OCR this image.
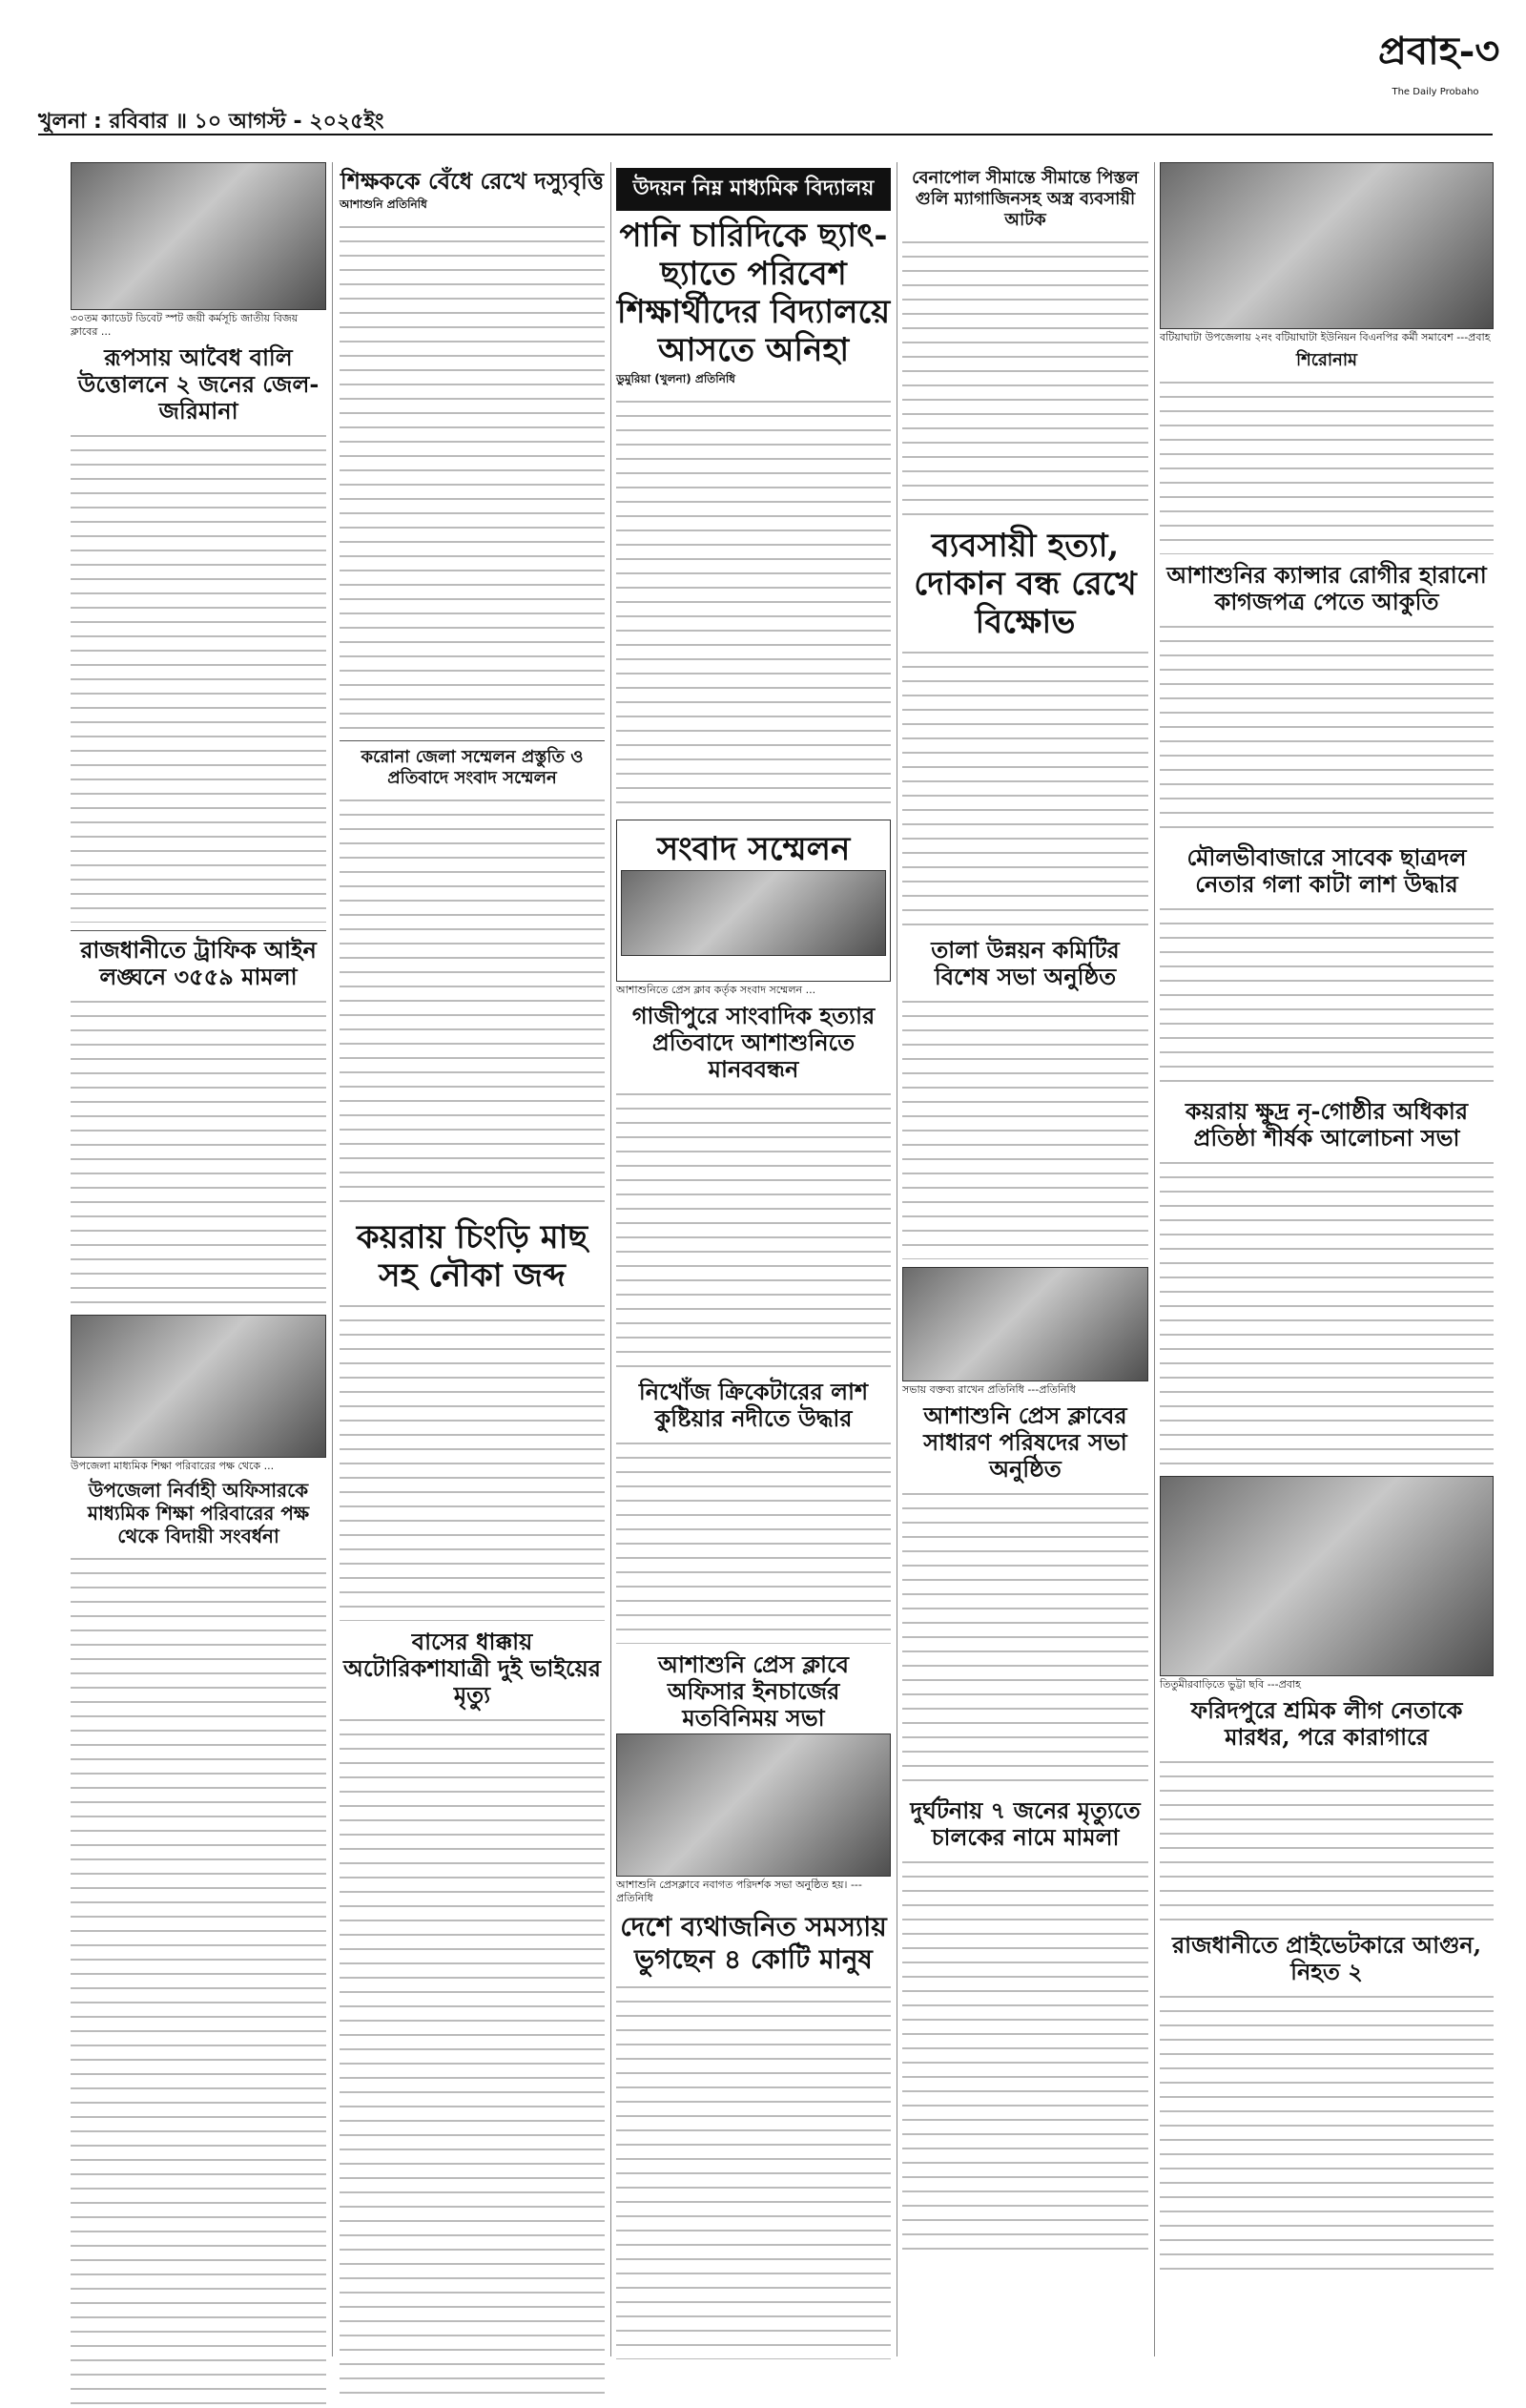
খুলনা : রবিবার ॥ ১০ আগস্ট - ২০২৫ইং
প্রবাহ-৩
The Daily Probaho
৩০তম ক্যাডেট ডিবেট স্পট জয়ী কর্মসূচি জাতীয় বিজয় ক্লাবের ...
রূপসায় আবৈধ বালি উত্তোলনে ২ জনের জেল-জরিমানা
রাজধানীতে ট্রাফিক আইন লঙ্ঘনে ৩৫৫৯ মামলা
উপজেলা মাধ্যমিক শিক্ষা পরিবারের পক্ষ থেকে ...
উপজেলা নির্বাহী অফিসারকে মাধ্যমিক শিক্ষা পরিবারের পক্ষ থেকে বিদায়ী সংবর্ধনা
শিক্ষককে বেঁধে রেখে দস্যুবৃত্তি
আশাশুনি প্রতিনিধি
করোনা জেলা সম্মেলন প্রস্তুতি ও প্রতিবাদে সংবাদ সম্মেলন
কয়রায় চিংড়ি মাছ সহ নৌকা জব্দ
বাসের ধাক্কায় অটোরিকশাযাত্রী দুই ভাইয়ের মৃত্যু
উদয়ন নিম্ন মাধ্যমিক বিদ্যালয়
পানি চারিদিকে ছ্যাৎ-ছ্যাতে পরিবেশ শিক্ষার্থীদের বিদ্যালয়ে আসতে অনিহা
ডুমুরিয়া (খুলনা) প্রতিনিধি
সংবাদ সম্মেলন
আশাশুনিতে প্রেস ক্লাব কর্তৃক সংবাদ সম্মেলন ...
গাজীপুরে সাংবাদিক হত্যার প্রতিবাদে আশাশুনিতে মানববন্ধন
নিখোঁজ ক্রিকেটারের লাশ কুষ্টিয়ার নদীতে উদ্ধার
আশাশুনি প্রেস ক্লাবে অফিসার ইনচার্জের মতবিনিময় সভা
আশাশুনি প্রেসক্লাবে নবাগত পরিদর্শক সভা অনুষ্ঠিত হয়। ---প্রতিনিধি
দেশে ব্যথাজনিত সমস্যায় ভুগছেন ৪ কোটি মানুষ
বেনাপোল সীমান্তে সীমান্তে পিস্তল গুলি ম্যাগাজিনসহ অস্ত্র ব্যবসায়ী আটক
ব্যবসায়ী হত্যা, দোকান বন্ধ রেখে বিক্ষোভ
তালা উন্নয়ন কমিটির বিশেষ সভা অনুষ্ঠিত
সভায় বক্তব্য রাখেন প্রতিনিধি ---প্রতিনিধি
আশাশুনি প্রেস ক্লাবের সাধারণ পরিষদের সভা অনুষ্ঠিত
দুর্ঘটনায় ৭ জনের মৃত্যুতে চালকের নামে মামলা
বটিয়াঘাটা উপজেলায় ২নং বটিয়াঘাটা ইউনিয়ন বিএনপির কর্মী সমাবেশ ---প্রবাহ
শিরোনাম
আশাশুনির ক্যান্সার রোগীর হারানো কাগজপত্র পেতে আকুতি
মৌলভীবাজারে সাবেক ছাত্রদল নেতার গলা কাটা লাশ উদ্ধার
কয়রায় ক্ষুদ্র নৃ-গোষ্ঠীর অধিকার প্রতিষ্ঠা শীর্ষক আলোচনা সভা
তিতুমীরবাড়িতে ভুট্টা ছবি ---প্রবাহ
ফরিদপুরে শ্রমিক লীগ নেতাকে মারধর, পরে কারাগারে
রাজধানীতে প্রাইভেটকারে আগুন, নিহত ২
